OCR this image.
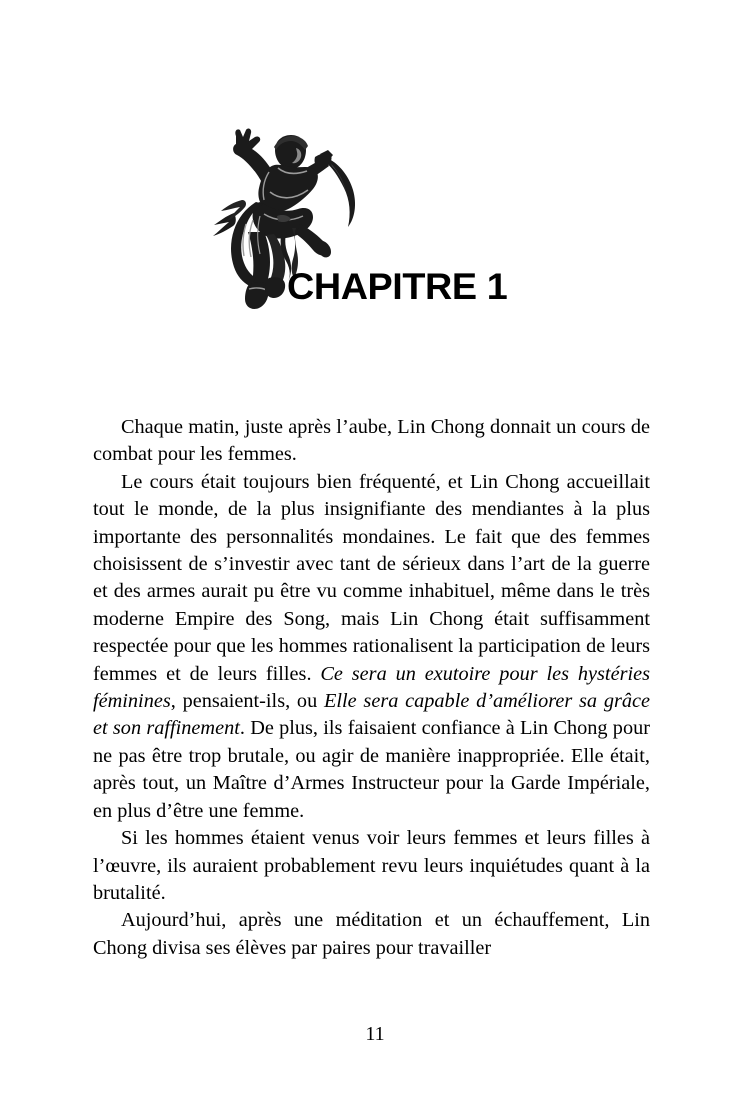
CHAPITRE 1

Chaque matin, juste après l’aube, Lin Chong donnait un cours de combat pour les femmes.

Le cours était toujours bien fréquenté, et Lin Chong accueillait tout le monde, de la plus insignifiante des mendiantes à la plus importante des personnalités mondaines. Le fait que des femmes choisissent de s’investir avec tant de sérieux dans l’art de la guerre et des armes aurait pu être vu comme inhabituel, même dans le très moderne Empire des Song, mais Lin Chong était suffisamment respectée pour que les hommes rationalisent la participation de leurs femmes et de leurs filles. Ce sera un exutoire pour les hystéries féminines, pensaient-ils, ou Elle sera capable d’améliorer sa grâce et son raffinement. De plus, ils faisaient confiance à Lin Chong pour ne pas être trop brutale, ou agir de manière inappropriée. Elle était, après tout, un Maître d’Armes Instructeur pour la Garde Impériale, en plus d’être une femme.

Si les hommes étaient venus voir leurs femmes et leurs filles à l’œuvre, ils auraient probablement revu leurs inquiétudes quant à la brutalité.

Aujourd’hui, après une méditation et un échauffement, Lin Chong divisa ses élèves par paires pour travailler

11
